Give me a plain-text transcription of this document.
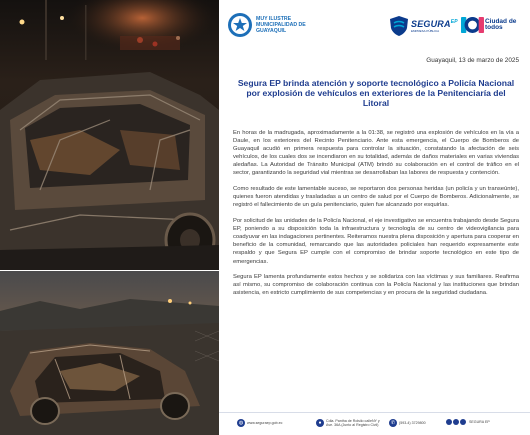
MUY ILUSTRE MUNICIPALIDAD DE GUAYAQUIL
$SEGURA^{EP}$
EMPRESA PÚBLICA
Ciudad de todos
Guayaquil, 13 de marzo de 2025
Segura EP brinda atención y soporte tecnológico a Policía Nacional por explosión de vehículos en exteriores de la Penitenciaría del Litoral

En horas de la madrugada, aproximadamente a la 01:38, se registró una explosión de vehículos en la vía a Daule, en los exteriores del Recinto Penitenciario. Ante esta emergencia, el Cuerpo de Bomberos de Guayaquil acudió en primera respuesta para controlar la situación, constatando la afectación de seis vehículos, de los cuales dos se incendiaron en su totalidad, además de daños materiales en varias viviendas aledañas. La Autoridad de Tránsito Municipal (ATM) brindó su colaboración en el control de tráfico en el sector, garantizando la seguridad vial mientras se desarrollaban las labores de respuesta y contención.

Como resultado de este lamentable suceso, se reportaron dos personas heridas (un policía y un transeúnte), quienes fueron atendidas y trasladadas a un centro de salud por el Cuerpo de Bomberos. Adicionalmente, se registró el fallecimiento de un guía penitenciario, quien fue alcanzado por esquirlas.

Por solicitud de las unidades de la Policía Nacional, el eje investigativo se encuentra trabajando desde Segura EP, poniendo a su disposición toda la infraestructura y tecnología de su centro de videovigilancia para coadyuvar en las indagaciones pertinentes. Reiteramos nuestra plena disposición y apertura para cooperar en beneficio de la comunidad, remarcando que las autoridades policiales han requerido expresamente este respaldo y que Segura EP cumple con el compromiso de brindar soporte tecnológico en este tipo de emergencias.

Segura EP lamenta profundamente estos hechos y se solidariza con las víctimas y sus familiares. Reafirma así mismo, su compromiso de colaboración continua con la Policía Nacional y las instituciones que brindan asistencia, en estricto cumplimiento de sus competencias y en procura de la seguridad ciudadana.

◍	www.seguraep.gob.ec	●	Cdla. Pantha de Rolsilo calleNY y
Ave. 36A (Junto al Registro Civil)	✆	(593-4) 3729800	SEGURA EP
